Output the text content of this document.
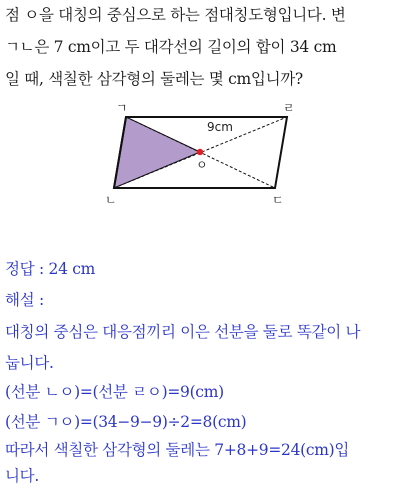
점 ㅇ을 대칭의 중심으로 하는 점대칭도형입니다. 변
ㄱㄴ은 7 cm이고 두 대각선의 길이의 합이 34 cm
일 때, 색칠한 삼각형의 둘레는 몇 cm입니까?
ㅇ
9cm
ㄱ	ㄹ
ㄴ	ㄷ
정답 : 24 cm
해설 :
대칭의 중심은 대응점끼리 이은 선분을 둘로 똑같이 나
눕니다.
(선분 ㄴㅇ)=(선분 ㄹㅇ)=9(cm)
(선분 ㄱㅇ)=(34−9−9)÷2=8(cm)
따라서 색칠한 삼각형의 둘레는 7+8+9=24(cm)입
니다.
